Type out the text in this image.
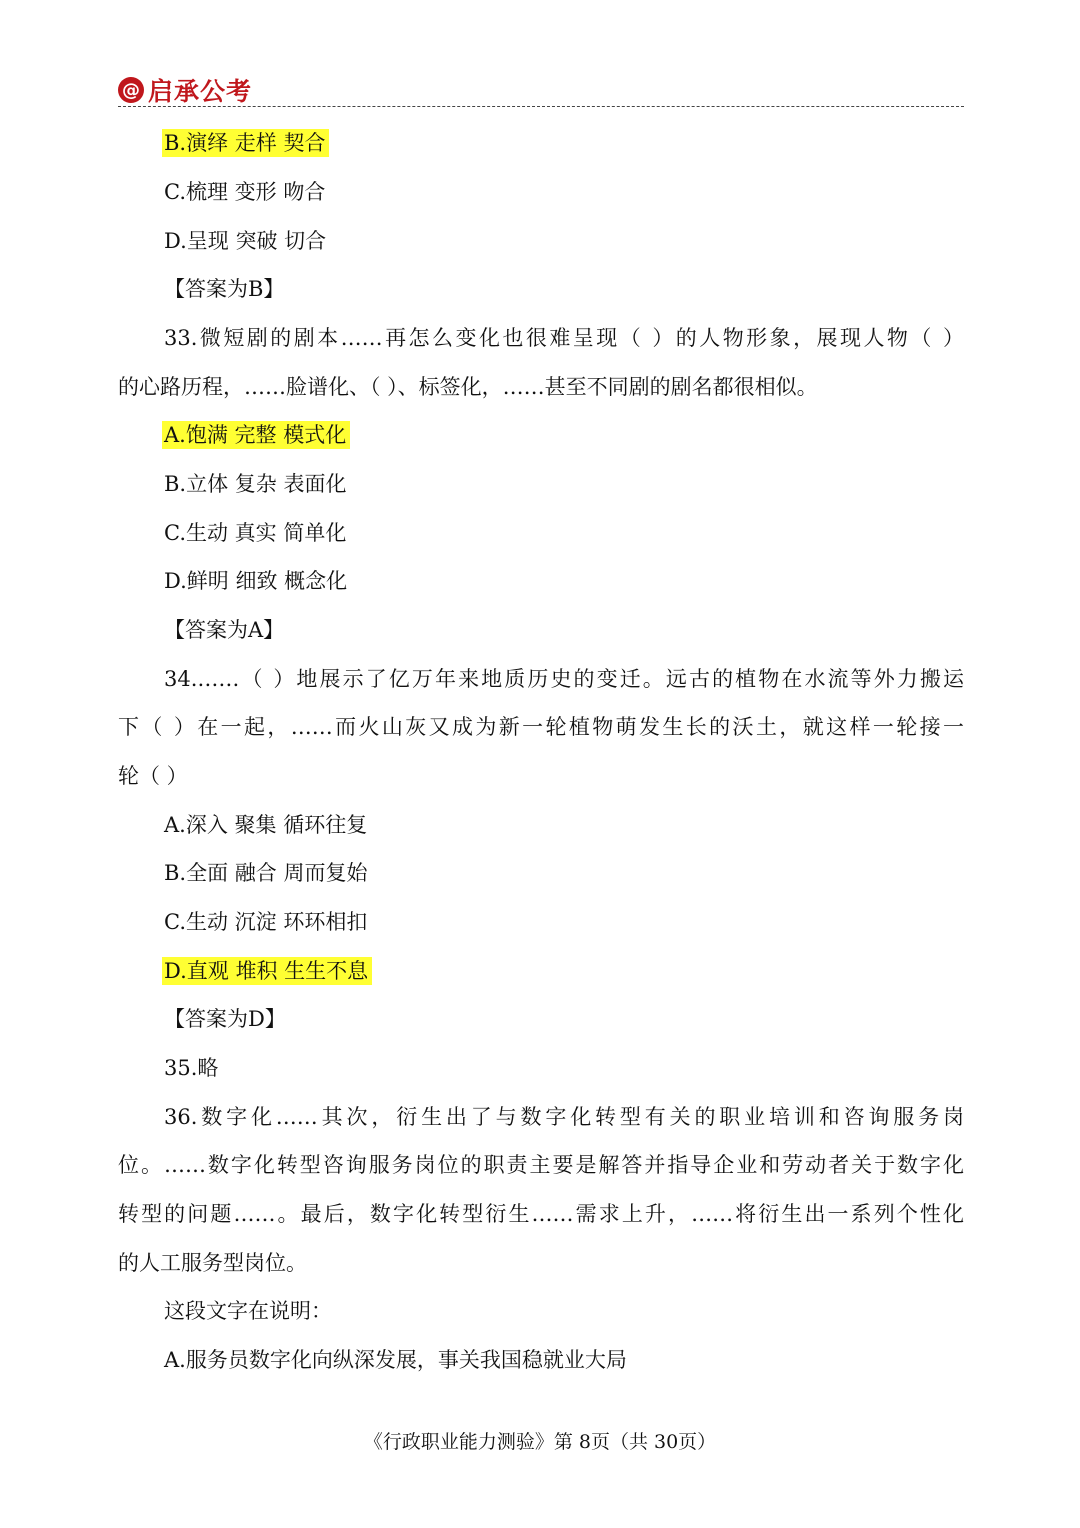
@ 启承公考
B.演绎 走样 契合
C.梳理 变形 吻合
D.呈现 突破 切合
【答案为B】
33.微短剧的剧本……再怎么变化也很难呈现（ ）的人物形象，展现人物（ ）
的心路历程，……脸谱化、（ ）、标签化，……甚至不同剧的剧名都很相似。
A.饱满 完整 模式化
B.立体 复杂 表面化
C.生动 真实 简单化
D.鲜明 细致 概念化
【答案为A】
34.……（ ）地展示了亿万年来地质历史的变迁。远古的植物在水流等外力搬运
下（ ）在一起，……而火山灰又成为新一轮植物萌发生长的沃土，就这样一轮接一
轮（ ）
A.深入 聚集 循环往复
B.全面 融合 周而复始
C.生动 沉淀 环环相扣
D.直观 堆积 生生不息
【答案为D】
35.略
36.数字化……其次，衍生出了与数字化转型有关的职业培训和咨询服务岗
位。……数字化转型咨询服务岗位的职责主要是解答并指导企业和劳动者关于数字化
转型的问题……。最后，数字化转型衍生……需求上升，……将衍生出一系列个性化
的人工服务型岗位。
这段文字在说明：
A.服务员数字化向纵深发展，事关我国稳就业大局
《行政职业能力测验》第 8页（共 30页）
